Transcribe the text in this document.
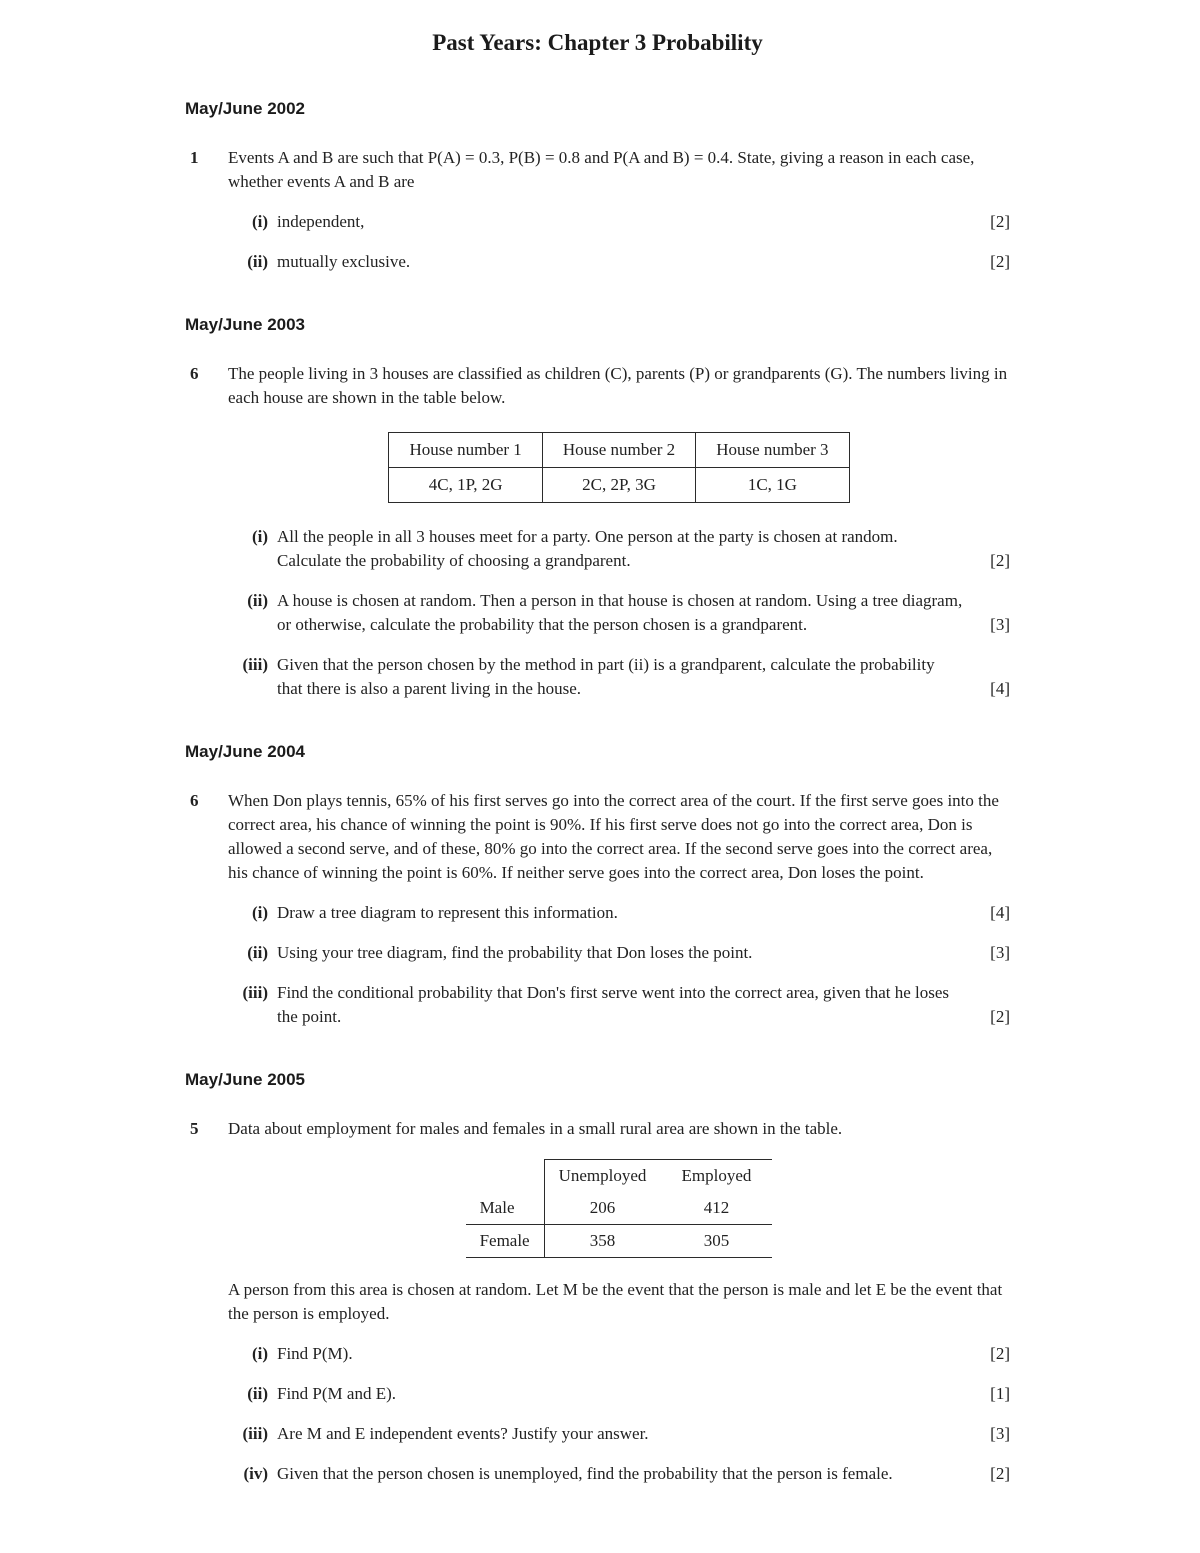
Past Years: Chapter 3 Probability
May/June 2002
1	Events A and B are such that P(A) = 0.3, P(B) = 0.8 and P(A and B) = 0.4. State, giving a reason in each case, whether events A and B are

(i) independent,	[2]
(ii) mutually exclusive.	[2]
May/June 2003
6	The people living in 3 houses are classified as children (C), parents (P) or grandparents (G). The numbers living in each house are shown in the table below.

House number 1	House number 2	House number 3
4C, 1P, 2G	2C, 2P, 3G	1C, 1G
(i) All the people in all 3 houses meet for a party. One person at the party is chosen at random. Calculate the probability of choosing a grandparent.	[2]
(ii) A house is chosen at random. Then a person in that house is chosen at random. Using a tree diagram, or otherwise, calculate the probability that the person chosen is a grandparent.	[3]
(iii) Given that the person chosen by the method in part (ii) is a grandparent, calculate the probability that there is also a parent living in the house.	[4]
May/June 2004
6	When Don plays tennis, 65% of his first serves go into the correct area of the court. If the first serve goes into the correct area, his chance of winning the point is 90%. If his first serve does not go into the correct area, Don is allowed a second serve, and of these, 80% go into the correct area. If the second serve goes into the correct area, his chance of winning the point is 60%. If neither serve goes into the correct area, Don loses the point.

(i) Draw a tree diagram to represent this information.	[4]
(ii) Using your tree diagram, find the probability that Don loses the point.	[3]
(iii) Find the conditional probability that Don's first serve went into the correct area, given that he loses the point.	[2]
May/June 2005
5	Data about employment for males and females in a small rural area are shown in the table.

	Unemployed	Employed
Male	206	412
Female	358	305

A person from this area is chosen at random. Let M be the event that the person is male and let E be the event that the person is employed.

(i) Find P(M).	[2]
(ii) Find P(M and E).	[1]
(iii) Are M and E independent events? Justify your answer.	[3]
(iv) Given that the person chosen is unemployed, find the probability that the person is female.	[2]
